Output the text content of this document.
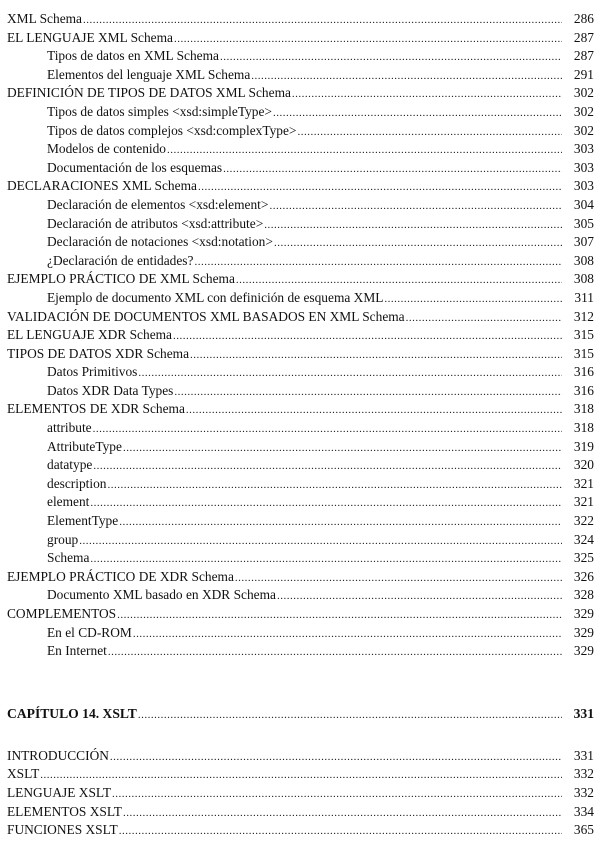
XML Schema .....	286
EL LENGUAJE XML Schema .....	287
Tipos de datos en XML Schema .....	287
Elementos del lenguaje XML Schema .....	291
DEFINICIÓN DE TIPOS DE DATOS XML Schema .....	302
Tipos de datos simples <xsd:simpleType> .....	302
Tipos de datos complejos <xsd:complexType> .....	302
Modelos de contenido .....	303
Documentación de los esquemas .....	303
DECLARACIONES XML Schema .....	303
Declaración de elementos <xsd:element> .....	304
Declaración de atributos <xsd:attribute> .....	305
Declaración de notaciones <xsd:notation> .....	307
¿Declaración de entidades? .....	308
EJEMPLO PRÁCTICO DE XML Schema .....	308
Ejemplo de documento XML con definición de esquema XML .....	311
VALIDACIÓN DE DOCUMENTOS XML BASADOS EN XML Schema .....	312
EL LENGUAJE XDR Schema .....	315
TIPOS DE DATOS XDR Schema .....	315
Datos Primitivos .....	316
Datos XDR Data Types .....	316
ELEMENTOS DE XDR Schema .....	318
attribute .....	318
AttributeType .....	319
datatype .....	320
description .....	321
element .....	321
ElementType .....	322
group .....	324
Schema .....	325
EJEMPLO PRÁCTICO DE XDR Schema .....	326
Documento XML basado en XDR Schema .....	328
COMPLEMENTOS .....	329
En el CD-ROM .....	329
En Internet .....	329
CAPÍTULO 14. XSLT .....	331
INTRODUCCIÓN .....	331
XSLT .....	332
LENGUAJE XSLT .....	332
ELEMENTOS XSLT .....	334
FUNCIONES XSLT .....	365
